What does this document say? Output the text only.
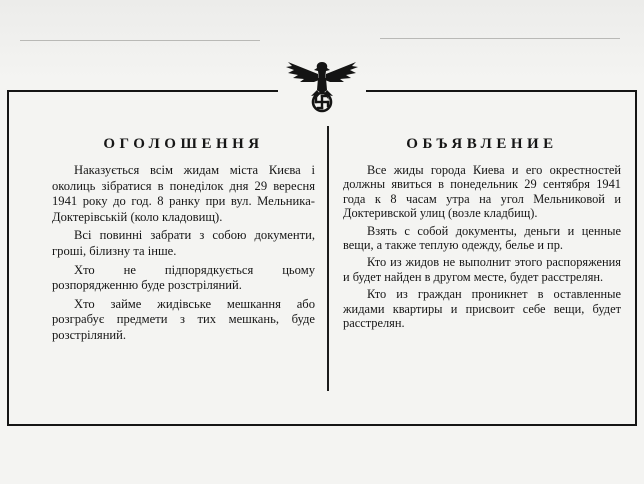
ОГОЛОШЕННЯ

Наказується всім жидам міста Києва і околиць зібратися в понеділок дня 29 вересня 1941 року до год. 8 ранку при вул. Мельника-Доктерівській (коло кладовищ).

Всі повинні забрати з собою документи, гроші, білизну та інше.

Хто не підпорядкується цьому розпорядженню буде розстріляний.

Хто займе жидівське мешкання або розграбує предмети з тих мешкань, буде розстріляний.

ОБЪЯВЛЕНИЕ

Все жиды города Киева и его окрестностей должны явиться в понедельник 29 сентября 1941 года к 8 часам утра на угол Мельниковой и Доктеривской улиц (возле кладбищ).

Взять с собой документы, деньги и ценные вещи, а также теплую одежду, белье и пр.

Кто из жидов не выполнит этого распоряжения и будет найден в другом месте, будет расстрелян.

Кто из граждан проникнет в оставленные жидами квартиры и присвоит себе вещи, будет расстрелян.
